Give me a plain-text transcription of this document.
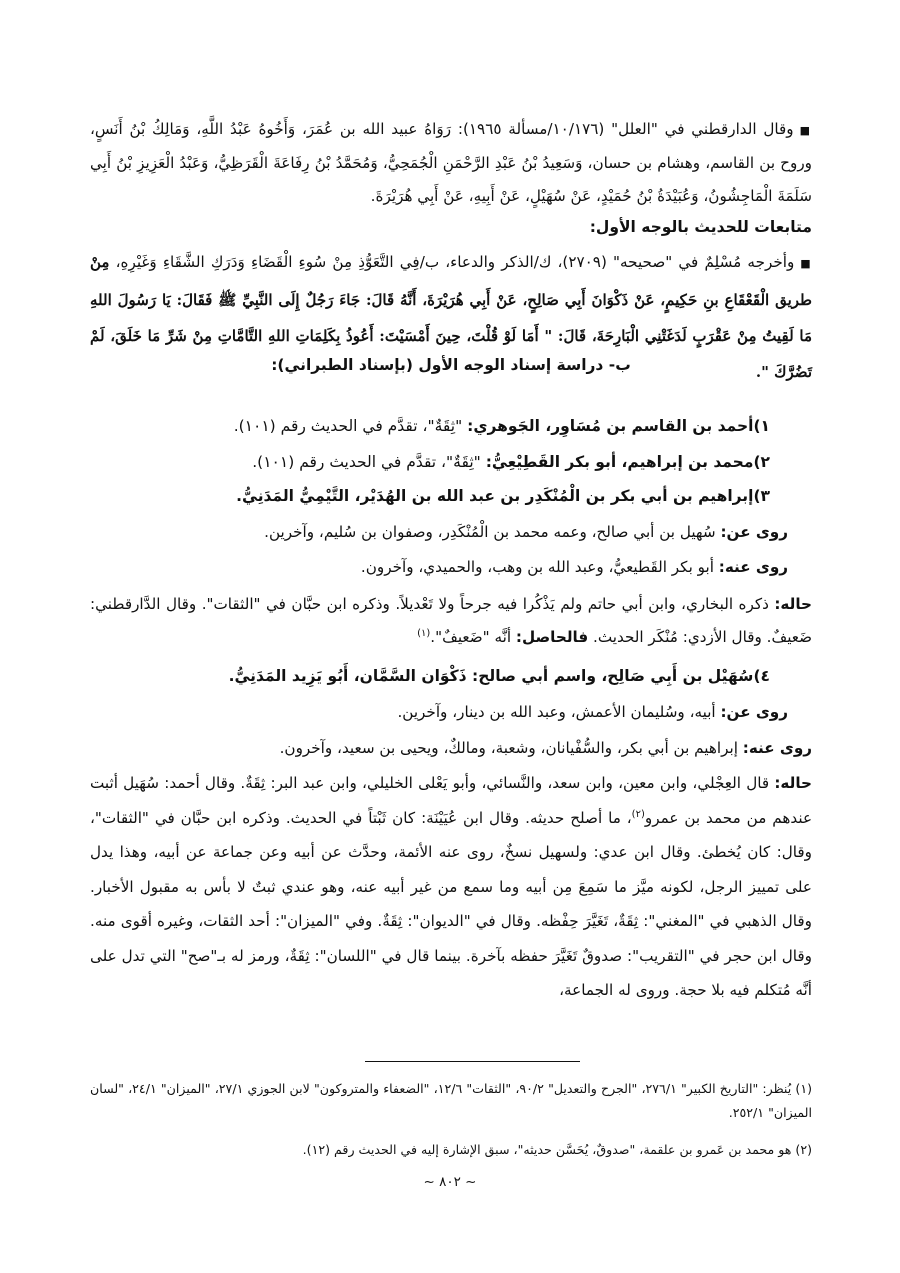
■وقال الدارقطني في "العلل" (١٠/١٧٦/مسألة ١٩٦٥): رَوَاهُ عبيد الله بن عُمَرَ، وَأَخُوهُ عَبْدُ اللَّهِ، وَمَالِكُ بْنُ أَنَسٍ، وروح بن القاسم، وهشام بن حسان، وَسَعِيدُ بْنُ عَبْدِ الرَّحْمَنِ الْجُمَحِيُّ، وَمُحَمَّدُ بْنُ رِفَاعَةَ الْقَرَظِيُّ، وَعَبْدُ الْعَزِيزِ بْنُ أَبِي سَلَمَةَ الْمَاجِشُونُ، وَعُبَيْدَةُ بْنُ حُمَيْدٍ، عَنْ سُهَيْلٍ، عَنْ أَبِيهِ، عَنْ أَبِي هُرَيْرَةَ.

متابعات للحديث بالوجه الأول:

■وأخرجه مُسْلِمٌ في "صحيحه" (٢٧٠٩)، ك/الذكر والدعاء، ب/فِي التَّعَوُّذِ مِنْ سُوءِ الْقَضَاءِ وَدَرَكِ الشَّقَاءِ وَغَيْرِهِ، مِنْ طريق الْقَعْقَاعِ بنِ حَكِيمٍ، عَنْ ذَكْوَانَ أَبِي صَالِحٍ، عَنْ أَبِي هُرَيْرَةَ، أَنَّهُ قَالَ: جَاءَ رَجُلٌ إِلَى النَّبِيِّ ﷺ فَقَالَ: يَا رَسُولَ اللهِ مَا لَقِيتُ مِنْ عَقْرَبٍ لَدَغَتْنِي الْبَارِحَةَ، قَالَ: " أَمَا لَوْ قُلْتَ، حِينَ أَمْسَيْتَ: أَعُوذُ بِكَلِمَاتِ اللهِ التَّامَّاتِ مِنْ شَرِّ مَا خَلَقَ، لَمْ تَضُرَّكَ ".

ب- دراسة إسناد الوجه الأول (بإسناد الطبراني):

١)أحمد بن القاسم بن مُسَاوِر، الجَوهري: "ثِقَةٌ"، تقدَّم في الحديث رقم (١٠١).

٢)محمد بن إبراهيم، أبو بكر القَطِيْعِيُّ: "ثِقَةٌ"، تقدَّم في الحديث رقم (١٠١).

٣)إبراهيم بن أبي بكر بن الْمُنْكَدِر بن عبد الله بن الهُدَيْر، التَّيْمِيُّ المَدَنِيُّ.

روى عن: سُهيل بن أبي صالح، وعمه محمد بن الْمُنْكَدِر، وصفوان بن سُليم، وآخرين.

روى عنه: أبو بكر القَطيعيُّ، وعبد الله بن وهب، والحميدي، وآخرون.

حاله: ذكره البخاري، وابن أبي حاتم ولم يَذْكُرا فيه جرحاً ولا تَعْديلاً. وذكره ابن حبَّان في "الثقات". وقال الدَّارقطني: ضَعيفٌ. وقال الأزدي: مُنْكَر الحديث. فالحاصل: أنَّه "ضَعيفٌ".$^{(١)}$

٤)سُهَيْل بن أَبِي صَالِح، واسم أبي صالح: ذَكْوَان السَّمَّان، أَبُو يَزِيد المَدَنِيُّ.

روى عن: أبيه، وسُليمان الأعمش، وعبد الله بن دينار، وآخرين.

روى عنه: إبراهيم بن أبي بكر، والسُّفْيانان، وشعبة، ومالكٌ، ويحيى بن سعيد، وآخرون.

حاله: قال العِجْلي، وابن معين، وابن سعد، والنَّسائي، وأبو يَعْلى الخليلي، وابن عبد البر: ثِقَةٌ. وقال أحمد: سُهَيل أثبت عندهم من محمد بن عمرو$^{(٢)}$، ما أصلح حديثه. وقال ابن عُيَيْنَة: كان ثَبْتاً في الحديث. وذكره ابن حبَّان في "الثقات"، وقال: كان يُخطئ. وقال ابن عدي: ولسهيل نسخٌ، روى عنه الأئمة، وحدَّث عن أبيه وعن جماعة عن أبيه، وهذا يدل على تمييز الرجل، لكونه ميَّز ما سَمِعَ مِن أبيه وما سمع من غير أبيه عنه، وهو عندي ثبتٌ لا بأس به مقبول الأخبار. وقال الذهبي في "المغني": ثِقَةٌ، تَغَيَّرَ حِفْظه. وقال في "الديوان": ثِقَةٌ. وفي "الميزان": أحد الثقات، وغيره أقوى منه. وقال ابن حجر في "التقريب": صدوقٌ تَغَيَّرَ حفظه بآخرة. بينما قال في "اللسان": ثِقَةٌ، ورمز له بـ"صح" التي تدل على أنَّه مُتكلم فيه بلا حجة. وروى له الجماعة،

(١) يُنظر: "التاريخ الكبير" ٢٧٦/١، "الجرح والتعديل" ٩٠/٢، "الثقات" ١٢/٦، "الضعفاء والمتروكون" لابن الجوزي ٢٧/١، "الميزان" ٢٤/١، "لسان الميزان" ٢٥٢/١.

(٢) هو محمد بن عَمرو بن علقمة، "صدوقٌ، يُحَسَّن حديثه"، سبق الإشارة إليه في الحديث رقم (١٢).

~ ٨٠٢ ~
